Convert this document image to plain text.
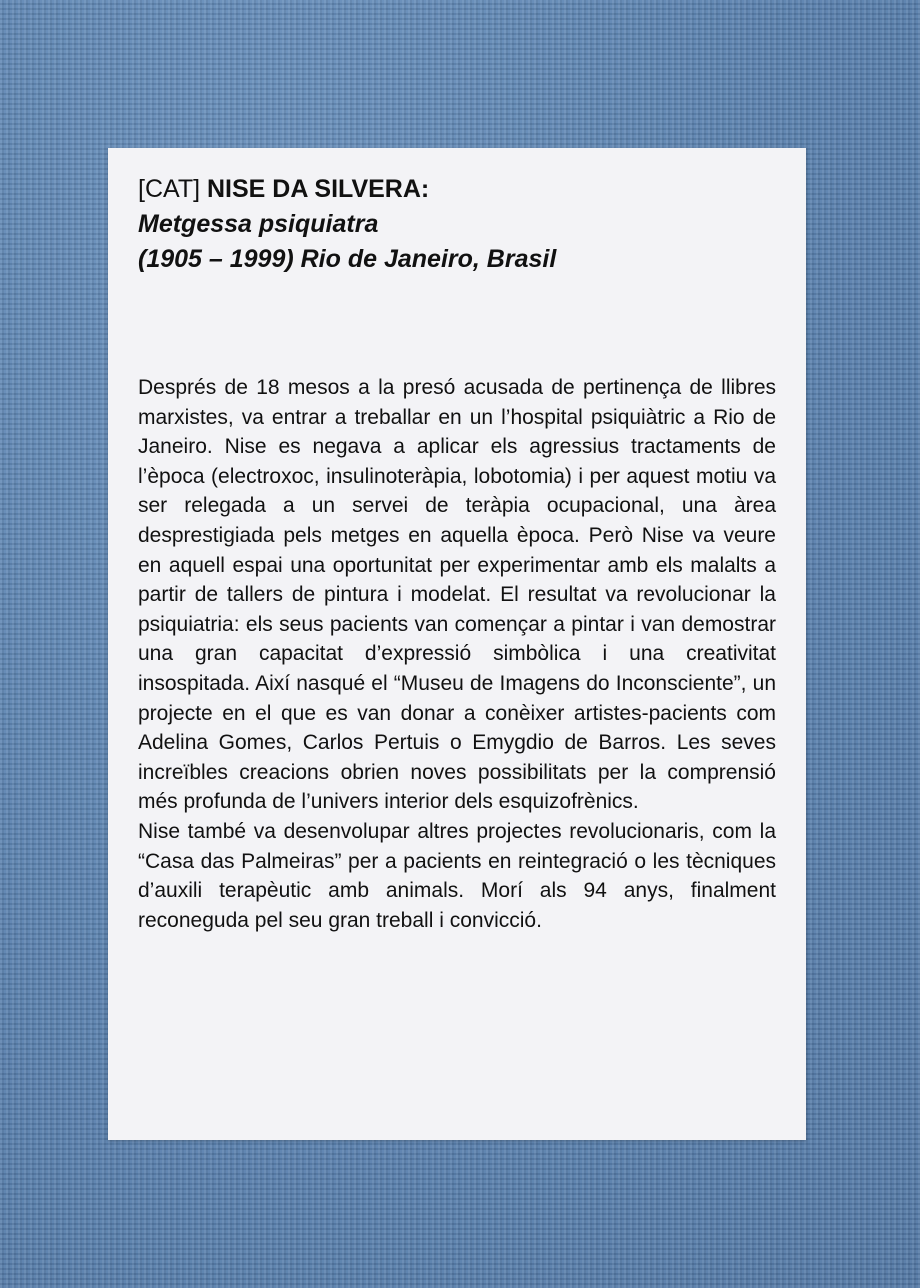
[CAT] NISE DA SILVERA:
Metgessa psiquiatra
(1905 – 1999) Rio de Janeiro, Brasil

Després de 18 mesos a la presó acusada de pertinença de llibres marxistes, va entrar a treballar en un l’hospital psiquiàtric a Rio de Janeiro. Nise es negava a aplicar els agressius tractaments de l’època (electroxoc, insulinoteràpia, lobotomia) i per aquest motiu va ser relegada a un servei de teràpia ocupacional, una àrea desprestigiada pels metges en aquella època. Però Nise va veure en aquell espai una oportunitat per experimentar amb els malalts a partir de tallers de pintura i modelat. El resultat va revolucionar la psiquiatria: els seus pacients van començar a pintar i van demostrar una gran capacitat d’expressió simbòlica i una creativitat insospitada. Així nasqué el “Museu de Imagens do Inconsciente”, un projecte en el que es van donar a conèixer artistes-pacients com Adelina Gomes, Carlos Pertuis o Emygdio de Barros. Les seves increïbles creacions obrien noves possibilitats per la comprensió més profunda de l’univers interior dels esquizofrènics.

Nise també va desenvolupar altres projectes revolucionaris, com la “Casa das Palmeiras” per a pacients en reintegració o les tècniques d’auxili terapèutic amb animals. Morí als 94 anys, finalment reconeguda pel seu gran treball i convicció.
